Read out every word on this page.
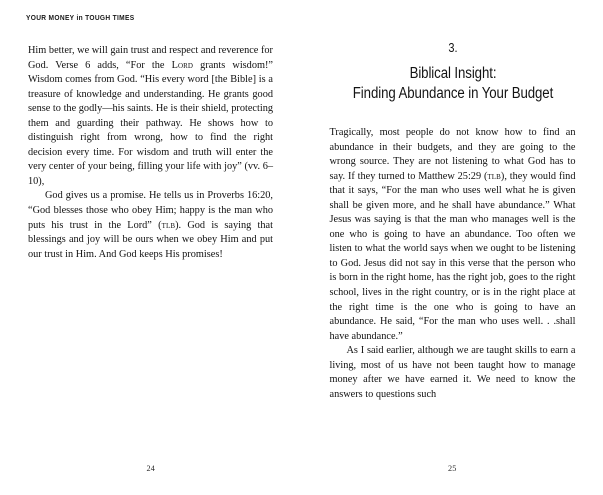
YOUR MONEY in TOUGH TIMES

Him better, we will gain trust and respect and reverence for God. Verse 6 adds, “For the Lord grants wisdom!” Wisdom comes from God. “His every word [the Bible] is a treasure of knowledge and understanding. He grants good sense to the godly—his saints. He is their shield, protecting them and guarding their pathway. He shows how to distinguish right from wrong, how to find the right decision every time. For wisdom and truth will enter the very center of your being, filling your life with joy” (vv. 6–10),

God gives us a promise. He tells us in Proverbs 16:20, “God blesses those who obey Him; happy is the man who puts his trust in the Lord” (tlb). God is saying that blessings and joy will be ours when we obey Him and put our trust in Him. And God keeps His promises!

24
3.
Biblical Insight:
Finding Abundance in Your Budget

Tragically, most people do not know how to find an abundance in their budgets, and they are going to the wrong source. They are not listening to what God has to say. If they turned to Matthew 25:29 (tlb), they would find that it says, “For the man who uses well what he is given shall be given more, and he shall have abundance.” What Jesus was saying is that the man who manages well is the one who is going to have an abundance. Too often we listen to what the world says when we ought to be listening to God. Jesus did not say in this verse that the person who is born in the right home, has the right job, goes to the right school, lives in the right country, or is in the right place at the right time is the one who is going to have an abundance. He said, “For the man who uses well. . .shall have abundance.”

As I said earlier, although we are taught skills to earn a living, most of us have not been taught how to manage money after we have earned it. We need to know the answers to questions such

25
